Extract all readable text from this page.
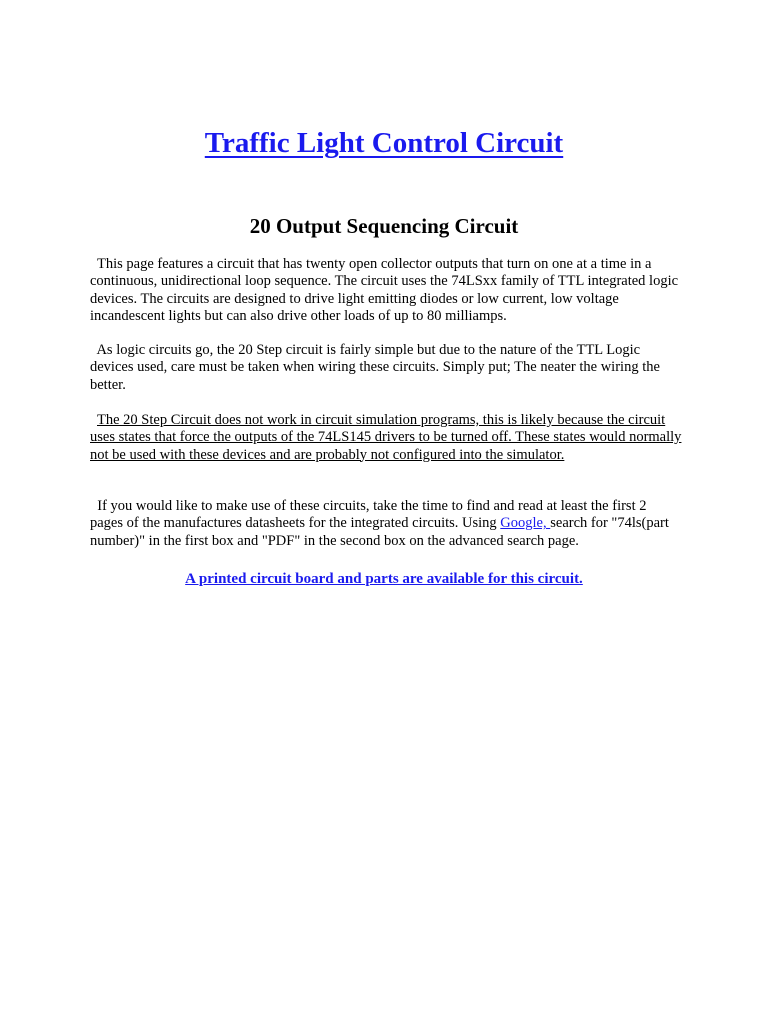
Traffic Light Control Circuit
20 Output Sequencing Circuit

This page features a circuit that has twenty open collector outputs that turn on one at a time in a continuous, unidirectional loop sequence. The circuit uses the 74LSxx family of TTL integrated logic devices. The circuits are designed to drive light emitting diodes or low current, low voltage incandescent lights but can also drive other loads of up to 80 milliamps.

As logic circuits go, the 20 Step circuit is fairly simple but due to the nature of the TTL Logic devices used, care must be taken when wiring these circuits. Simply put; The neater the wiring the better.

The 20 Step Circuit does not work in circuit simulation programs, this is likely because the circuit uses states that force the outputs of the 74LS145 drivers to be turned off. These states would normally not be used with these devices and are probably not configured into the simulator.

If you would like to make use of these circuits, take the time to find and read at least the first 2 pages of the manufactures datasheets for the integrated circuits. Using Google, search for "74ls(part number)" in the first box and "PDF" in the second box on the advanced search page.

A printed circuit board and parts are available for this circuit.
